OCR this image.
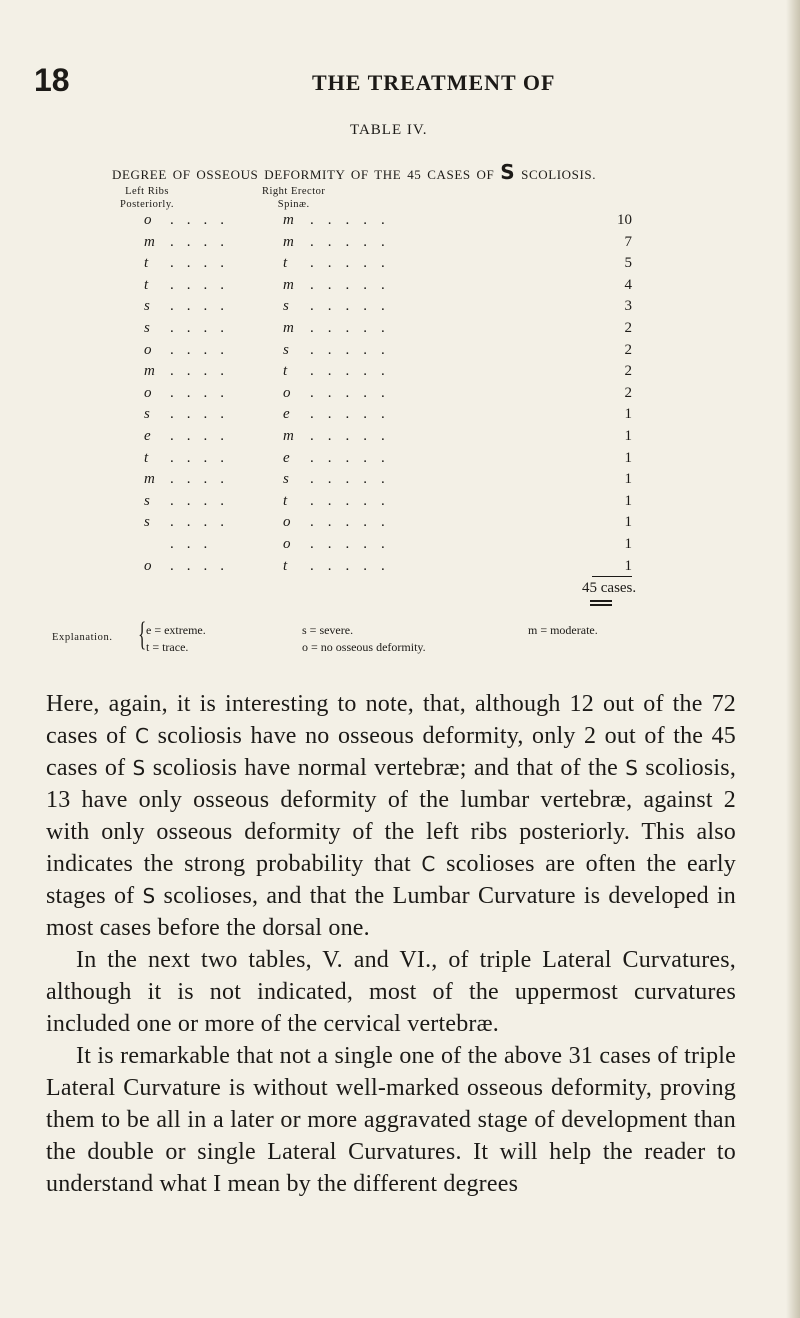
18	THE TREATMENT OF
TABLE IV.
DEGREE OF OSSEOUS DEFORMITY OF THE 45 CASES OF S SCOLIOSIS.
Left Ribs
Posteriorly.
Right Erector
Spinæ.
o ....	m .....	10
m ....	m .....	7
t ....	t .....	5
t ....	m .....	4
s ....	s .....	3
s ....	m .....	2
o ....	s .....	2
m ....	t .....	2
o ....	o .....	2
s ....	e .....	1
e ....	m .....	1
t ....	e .....	1
m ....	s .....	1
s ....	t .....	1
s ....	o .....	1
...	o .....	1
o ....	t .....	1
45 cases.
Explanation. { e = extreme.
t = trace.
s = severe.
o = no osseous deformity.
m = moderate.

Here, again, it is interesting to note, that, although 12 out of the 72 cases of C scoliosis have no osseous deformity, only 2 out of the 45 cases of S scoliosis have normal vertebræ; and that of the S scoliosis, 13 have only osseous deformity of the lumbar vertebræ, against 2 with only osseous deformity of the left ribs posteriorly. This also indicates the strong probability that C scolioses are often the early stages of S scolioses, and that the Lumbar Curvature is developed in most cases before the dorsal one.

In the next two tables, V. and VI., of triple Lateral Curvatures, although it is not indicated, most of the uppermost curvatures included one or more of the cervical vertebræ.

It is remarkable that not a single one of the above 31 cases of triple Lateral Curvature is without well-marked osseous deformity, proving them to be all in a later or more aggravated stage of development than the double or single Lateral Curvatures. It will help the reader to understand what I mean by the different degrees
